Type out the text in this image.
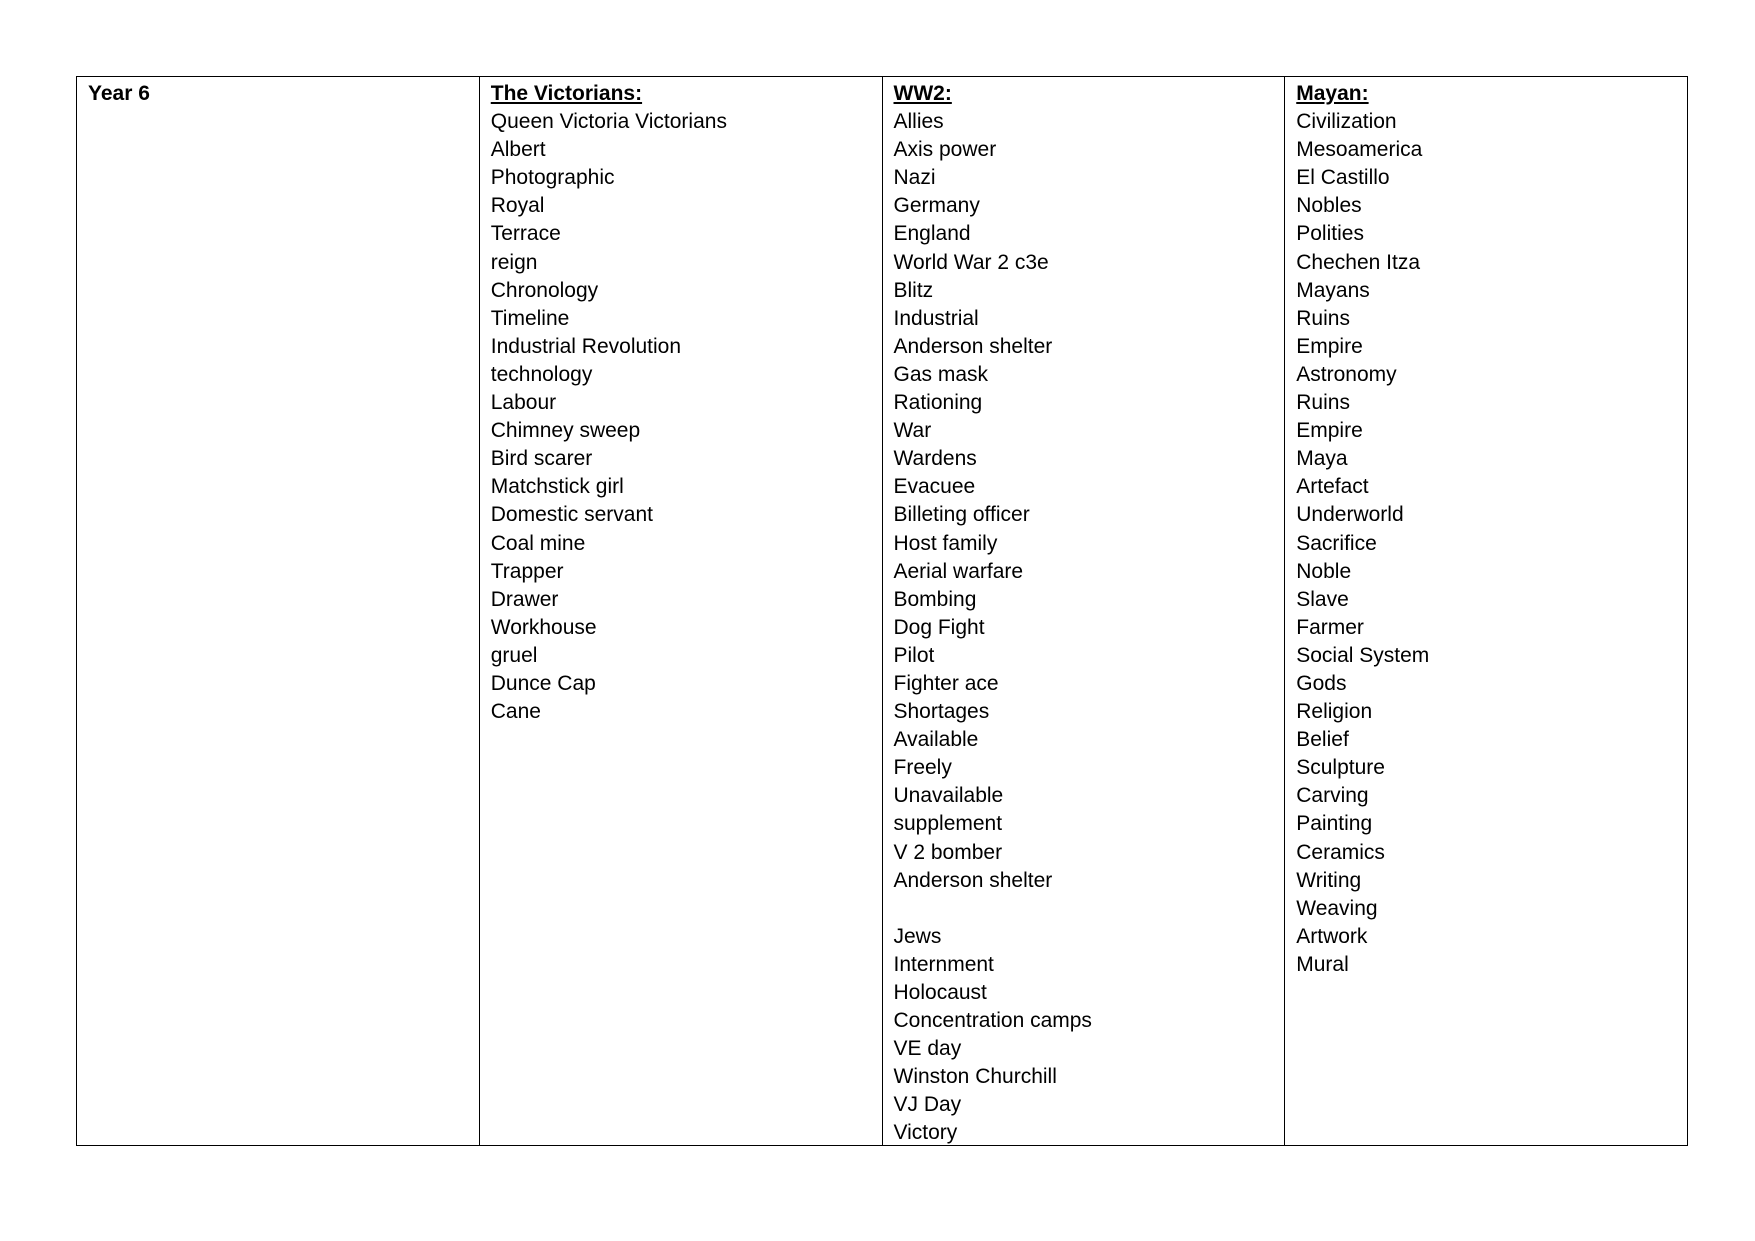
Year 6	The Victorians:
Queen Victoria Victorians
Albert
Photographic
Royal
Terrace
reign
Chronology
Timeline
Industrial Revolution
technology
Labour
Chimney sweep
Bird scarer
Matchstick girl
Domestic servant
Coal mine
Trapper
Drawer
Workhouse
gruel
Dunce Cap
Cane
WW2:
Allies
Axis power
Nazi
Germany
England
World War 2 c3e
Blitz
Industrial
Anderson shelter
Gas mask
Rationing
War
Wardens
Evacuee
Billeting officer
Host family
Aerial warfare
Bombing
Dog Fight
Pilot
Fighter ace
Shortages
Available
Freely
Unavailable
supplement
V 2 bomber
Anderson shelter
Jews
Internment
Holocaust
Concentration camps
VE day
Winston Churchill
VJ Day
Victory
Mayan:
Civilization
Mesoamerica
El Castillo
Nobles
Polities
Chechen Itza
Mayans
Ruins
Empire
Astronomy
Ruins
Empire
Maya
Artefact
Underworld
Sacrifice
Noble
Slave
Farmer
Social System
Gods
Religion
Belief
Sculpture
Carving
Painting
Ceramics
Writing
Weaving
Artwork
Mural
